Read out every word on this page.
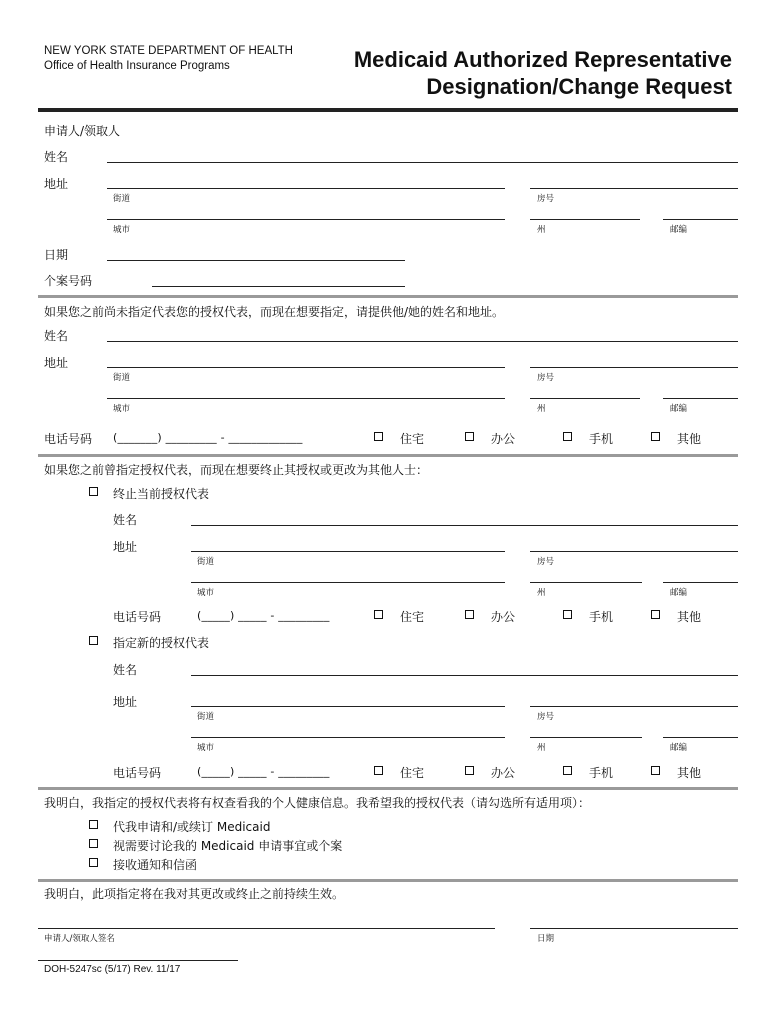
NEW YORK STATE DEPARTMENT OF HEALTH
Office of Health Insurance Programs	Medicaid Authorized Representative
Designation/Change Request
申请人/领取人
姓名
地址
街道	房号
城市	州	邮编
日期
个案号码
如果您之前尚未指定代表您的授权代表，而现在想要指定，请提供他/她的姓名和地址。
姓名
地址
街道	房号
城市	州	邮编
电话号码 (_______) _________ - _____________	住宅	办公	手机	其他
如果您之前曾指定授权代表，而现在想要终止其授权或更改为其他人士：
终止当前授权代表
姓名
地址
街道	房号
城市	州	邮编
电话号码	(_____) _____ - _________	住宅	办公	手机	其他
指定新的授权代表
姓名
地址
街道	房号
城市	州	邮编
电话号码	(_____) _____ - _________	住宅	办公	手机	其他
我明白，我指定的授权代表将有权查看我的个人健康信息。我希望我的授权代表（请勾选所有适用项）：
代我申请和/或续订 Medicaid
视需要讨论我的 Medicaid 申请事宜或个案
接收通知和信函
我明白，此项指定将在我对其更改或终止之前持续生效。
申请人/领取人签名	日期
DOH-5247sc (5/17) Rev. 11/17
